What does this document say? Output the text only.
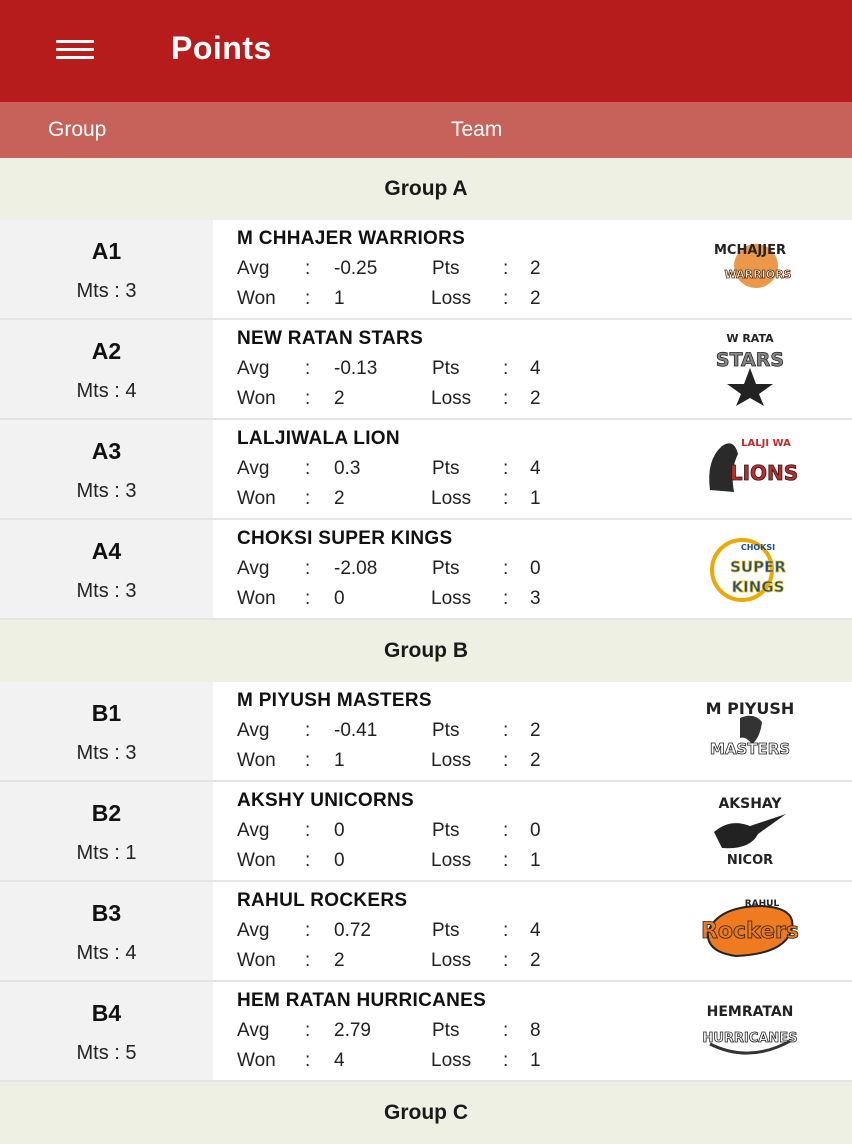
Points
Group	Team
Group A
A1
Mts : 3
M CHHAJER WARRIORS
Avg : -0.25	Pts : 2
Won : 1	Loss : 2
MCHAJJER
WARRIORS
A2
Mts : 4
NEW RATAN STARS
Avg : -0.13	Pts : 4
Won : 2	Loss : 2
W RATA
STARS
A3
Mts : 3
LALJIWALA LION
Avg : 0.3	Pts : 4
Won : 2	Loss : 1
LALJI WA
LIONS
A4
Mts : 3
CHOKSI SUPER KINGS
Avg : -2.08	Pts : 0
Won : 0	Loss : 3
CHOKSI
SUPER
KINGS
Group B
B1
Mts : 3
M PIYUSH MASTERS
Avg : -0.41	Pts : 2
Won : 1	Loss : 2
M PIYUSH
MASTERS
B2
Mts : 1
AKSHY UNICORNS
Avg : 0	Pts : 0
Won : 0	Loss : 1
AKSHAY
NICOR
B3
Mts : 4
RAHUL ROCKERS
Avg : 0.72	Pts : 4
Won : 2	Loss : 2
RAHUL
Rockers
B4
Mts : 5
HEM RATAN HURRICANES
Avg : 2.79	Pts : 8
Won : 4	Loss : 1
HEMRATAN
HURRICANES
Group C
